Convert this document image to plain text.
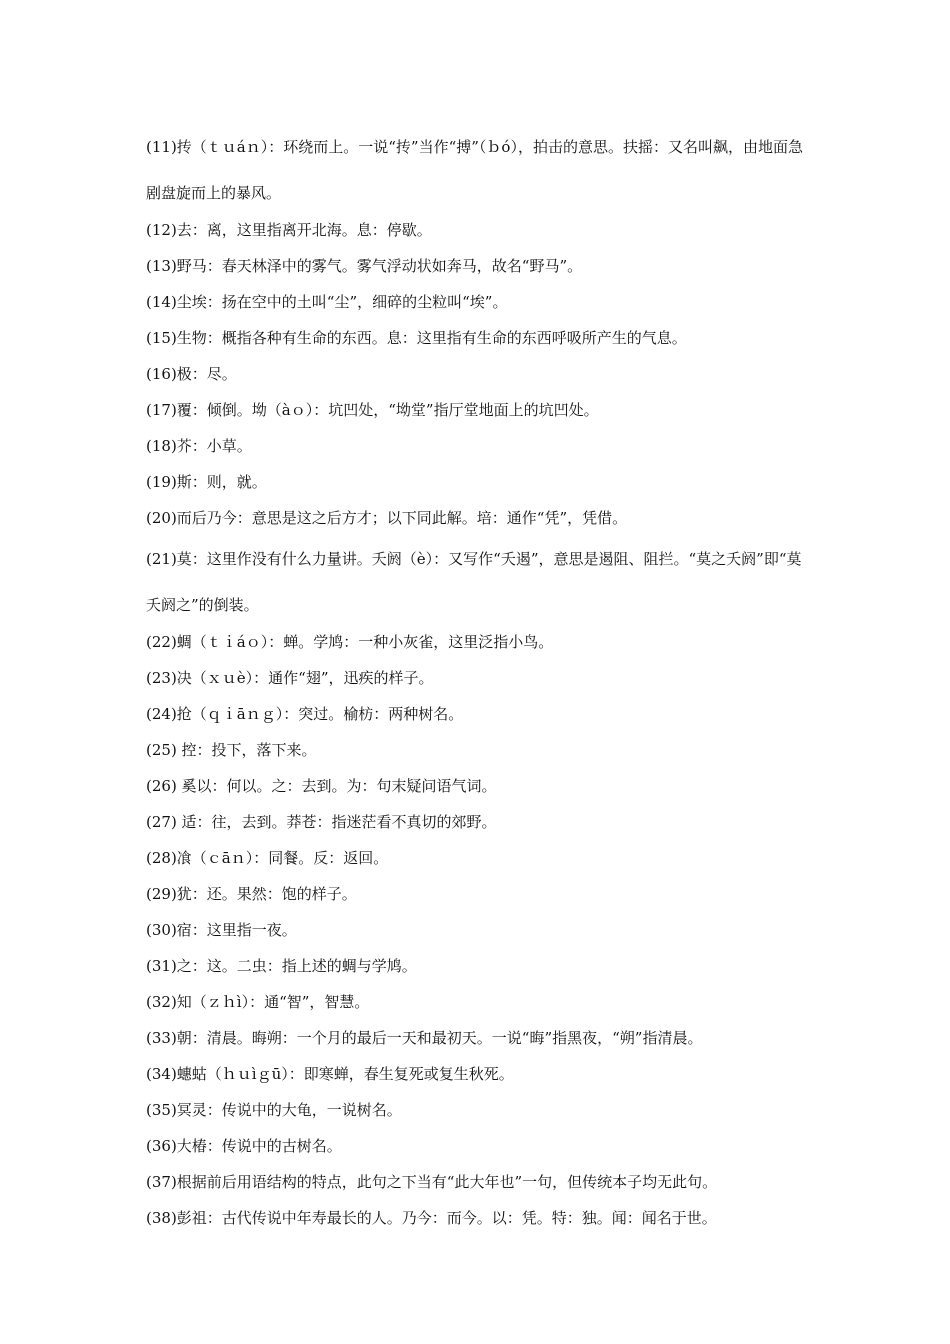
(11)抟（ｔｕáｎ）：环绕而上。一说“抟”当作“搏”（ｂó），拍击的意思。扶摇：又名叫飙，由地面急剧盘旋而上的暴风。

(12)去：离，这里指离开北海。息：停歇。

(13)野马：春天林泽中的雾气。雾气浮动状如奔马，故名“野马”。

(14)尘埃：扬在空中的土叫“尘”，细碎的尘粒叫“埃”。

(15)生物：概指各种有生命的东西。息：这里指有生命的东西呼吸所产生的气息。

(16)极：尽。

(17)覆：倾倒。坳（àｏ）：坑凹处，“坳堂”指厅堂地面上的坑凹处。

(18)芥：小草。

(19)斯：则，就。

(20)而后乃今：意思是这之后方才；以下同此解。培：通作“凭”，凭借。

(21)莫：这里作没有什么力量讲。夭阏（è）：又写作“夭遏”，意思是遏阻、阻拦。“莫之夭阏”即“莫夭阏之”的倒装。

(22)蜩（ｔｉáｏ）：蝉。学鸠：一种小灰雀，这里泛指小鸟。

(23)决（ｘｕè）：通作“翅”，迅疾的样子。

(24)抢（ｑｉāｎｇ）：突过。榆枋：两种树名。

(25) 控：投下，落下来。

(26) 奚以：何以。之：去到。为：句末疑问语气词。

(27) 适：往，去到。莽苍：指迷茫看不真切的郊野。

(28)飡（ｃāｎ）：同餐。反：返回。

(29)犹：还。果然：饱的样子。

(30)宿：这里指一夜。

(31)之：这。二虫：指上述的蜩与学鸠。

(32)知（ｚｈì）：通“智”，智慧。

(33)朝：清晨。晦朔：一个月的最后一天和最初天。一说“晦”指黑夜，“朔”指清晨。

(34)蟪蛄（ｈｕìｇū）：即寒蝉，春生复死或复生秋死。

(35)冥灵：传说中的大龟，一说树名。

(36)大椿：传说中的古树名。

(37)根据前后用语结构的特点，此句之下当有“此大年也”一句，但传统本子均无此句。

(38)彭祖：古代传说中年寿最长的人。乃今：而今。以：凭。特：独。闻：闻名于世。
